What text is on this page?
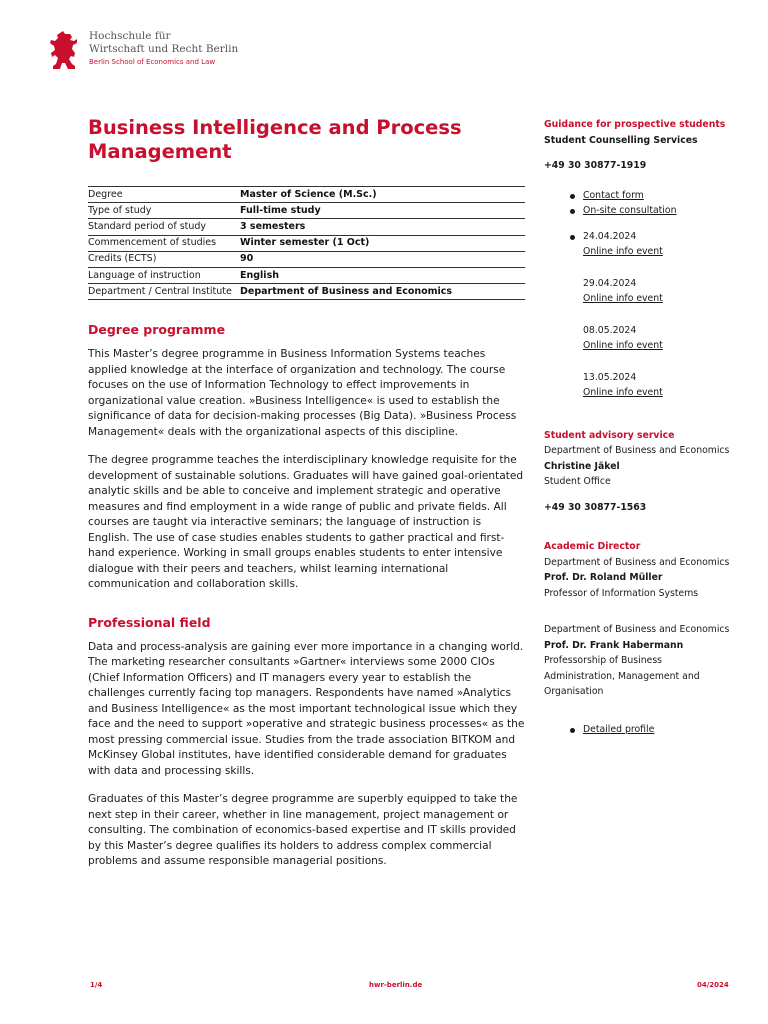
Hochschule für
Wirtschaft und Recht Berlin
Berlin School of Economics and Law
Business Intelligence and Process Management
Degree	Master of Science (M.Sc.)
Type of study	Full-time study
Standard period of study	3 semesters
Commencement of studies	Winter semester (1 Oct)
Credits (ECTS)	90
Language of instruction	English
Department / Central Institute	Department of Business and Economics
Degree programme

This Master’s degree programme in Business Information Systems teaches applied knowledge at the interface of organization and technology. The course focuses on the use of Information Technology to effect improvements in organizational value creation. »Business Intelligence« is used to establish the significance of data for decision-making processes (Big Data). »Business Process Management« deals with the organizational aspects of this discipline.

The degree programme teaches the interdisciplinary knowledge requisite for the development of sustainable solutions. Graduates will have gained goal-orientated analytic skills and be able to conceive and implement strategic and operative measures and find employment in a wide range of public and private fields. All courses are taught via interactive seminars; the language of instruction is English. The use of case studies enables students to gather practical and first-hand experience. Working in small groups enables students to enter intensive dialogue with their peers and teachers, whilst learning international communication and collaboration skills.

Professional field

Data and process-analysis are gaining ever more importance in a changing world. The marketing researcher consultants »Gartner« interviews some 2000 CIOs (Chief Information Officers) and IT managers every year to establish the challenges currently facing top managers. Respondents have named »Analytics and Business Intelligence« as the most important technological issue which they face and the need to support »operative and strategic business processes« as the most pressing commercial issue. Studies from the trade association BITKOM and McKinsey Global institutes, have identified considerable demand for graduates with data and processing skills.

Graduates of this Master’s degree programme are superbly equipped to take the next step in their career, whether in line management, project management or consulting. The combination of economics-based expertise and IT skills provided by this Master’s degree qualifies its holders to address complex commercial problems and assume responsible managerial positions.

Guidance for prospective students
Student Counselling Services
+49 30 30877-1919
Contact form
On-site consultation
24.04.2024
Online info event
29.04.2024
Online info event
08.05.2024
Online info event
13.05.2024
Online info event
Student advisory service
Department of Business and Economics
Christine Jäkel
Student Office
+49 30 30877-1563
Academic Director
Department of Business and Economics
Prof. Dr. Roland Müller
Professor of Information Systems
Department of Business and Economics
Prof. Dr. Frank Habermann
Professorship of Business Administration, Management and Organisation
Detailed profile
1/4	hwr-berlin.de	04/2024
